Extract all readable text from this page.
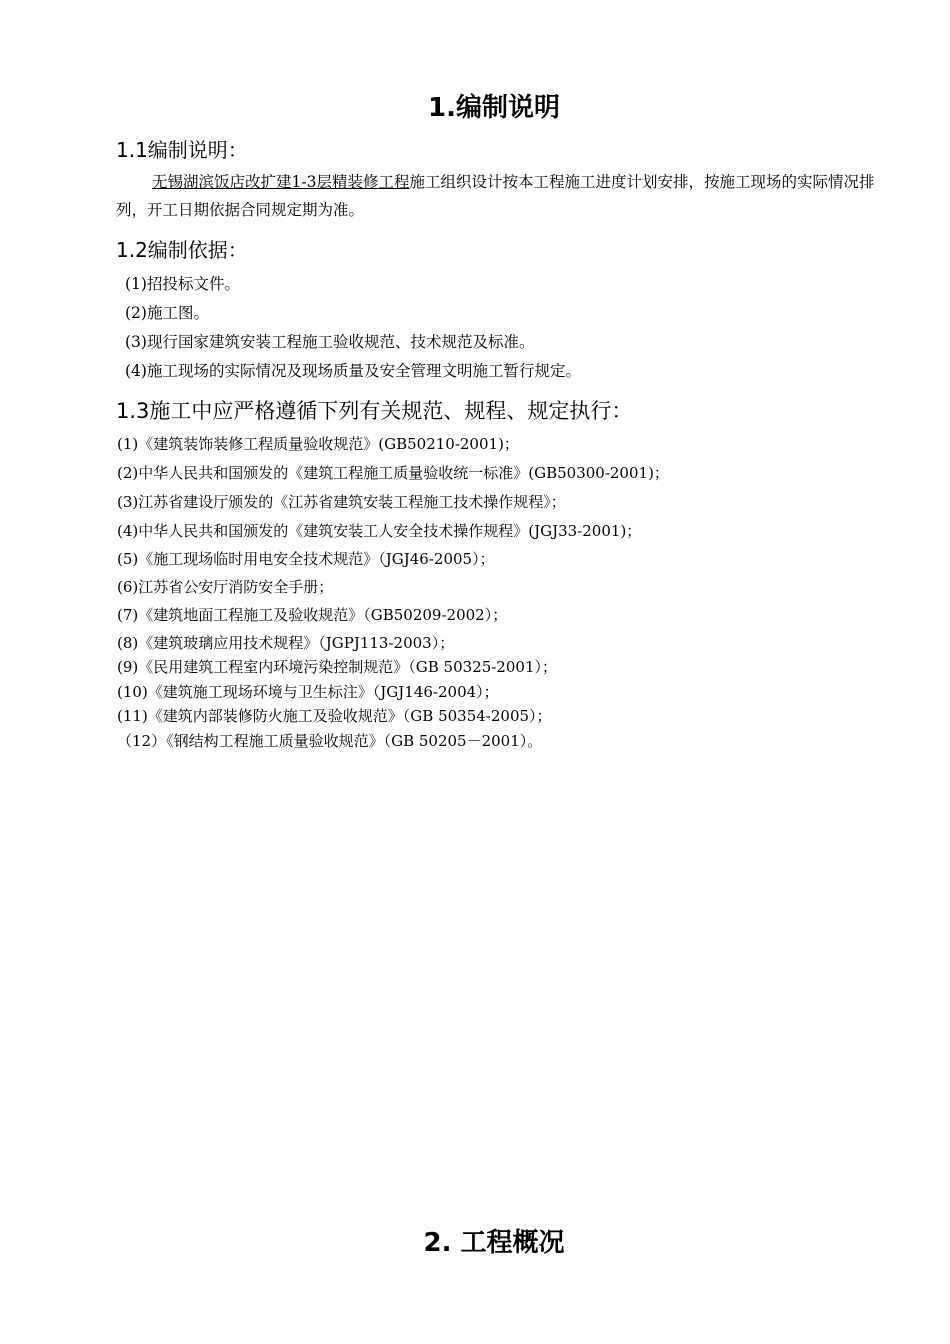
1.编制说明
1.1编制说明：
无锡湖滨饭店改扩建1-3层精装修工程施工组织设计按本工程施工进度计划安排，按施工现场的实际情况排列，开工日期依据合同规定期为准。
1.2编制依据：
(1)招投标文件。
(2)施工图。
(3)现行国家建筑安装工程施工验收规范、技术规范及标准。
(4)施工现场的实际情况及现场质量及安全管理文明施工暂行规定。
1.3施工中应严格遵循下列有关规范、规程、规定执行：
(1)《建筑装饰装修工程质量验收规范》(GB50210-2001)；
(2)中华人民共和国颁发的《建筑工程施工质量验收统一标准》(GB50300-2001)；
(3)江苏省建设厅颁发的《江苏省建筑安装工程施工技术操作规程》；
(4)中华人民共和国颁发的《建筑安装工人安全技术操作规程》(JGJ33-2001)；
(5)《施工现场临时用电安全技术规范》（JGJ46-2005）；
(6)江苏省公安厅消防安全手册；
(7)《建筑地面工程施工及验收规范》（GB50209-2002）；
(8)《建筑玻璃应用技术规程》（JGPJ113-2003）；
(9)《民用建筑工程室内环境污染控制规范》（GB 50325-2001）；
(10)《建筑施工现场环境与卫生标注》（JGJ146-2004）；
(11)《建筑内部装修防火施工及验收规范》（GB 50354-2005）；
（12）《钢结构工程施工质量验收规范》（GB 50205－2001）。
2. 工程概况
